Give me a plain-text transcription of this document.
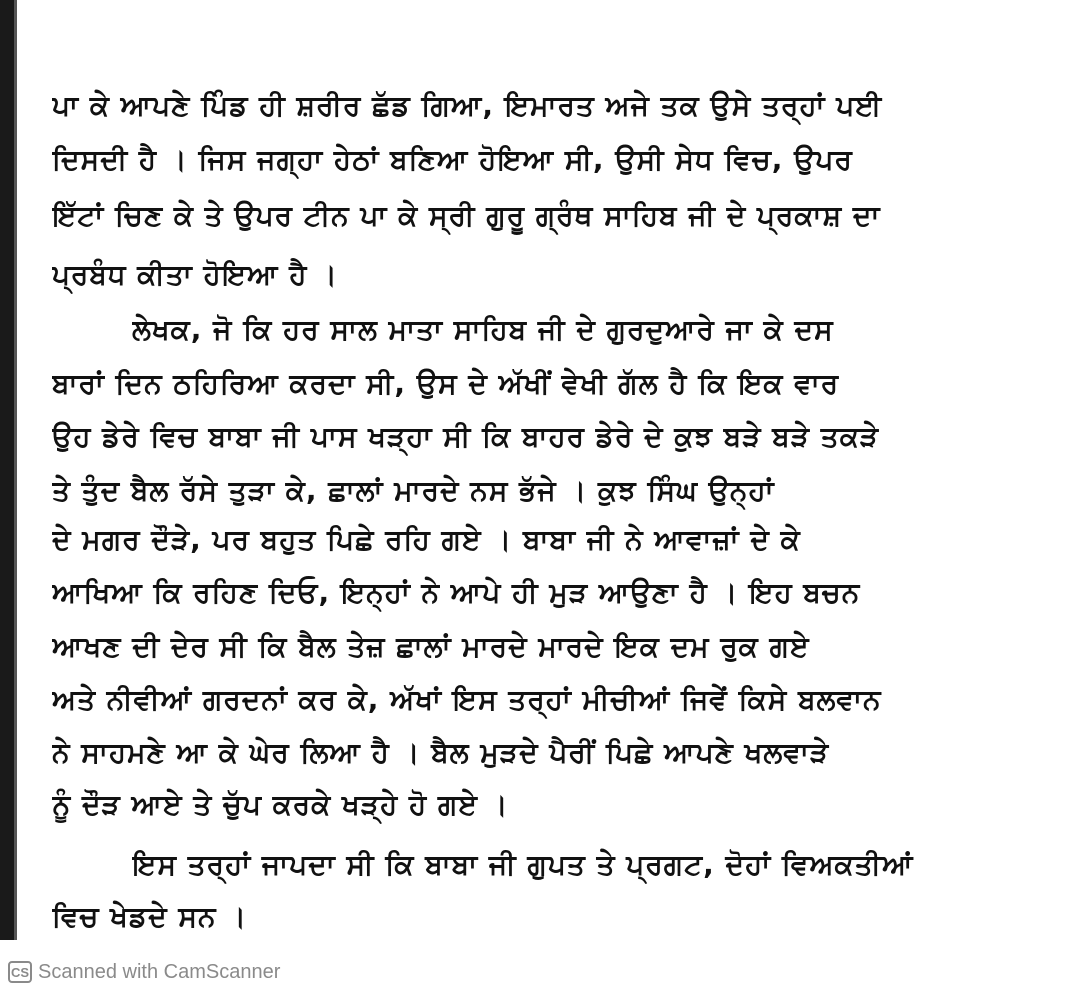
ਪਾ ਕੇ ਆਪਣੇ ਪਿੰਡ ਹੀ ਸ਼ਰੀਰ ਛੱਡ ਗਿਆ, ਇਮਾਰਤ ਅਜੇ ਤਕ ਉਸੇ ਤਰ੍ਹਾਂ ਪਈ
ਦਿਸਦੀ ਹੈ । ਜਿਸ ਜਗ੍ਹਾ ਹੇਠਾਂ ਬਣਿਆ ਹੋਇਆ ਸੀ, ਉਸੀ ਸੇਧ ਵਿਚ, ਉਪਰ
ਇੱਟਾਂ ਚਿਣ ਕੇ ਤੇ ਉਪਰ ਟੀਨ ਪਾ ਕੇ ਸ੍ਰੀ ਗੁਰੂ ਗ੍ਰੰਥ ਸਾਹਿਬ ਜੀ ਦੇ ਪ੍ਰਕਾਸ਼ ਦਾ
ਪ੍ਰਬੰਧ ਕੀਤਾ ਹੋਇਆ ਹੈ ।
ਲੇਖਕ, ਜੋ ਕਿ ਹਰ ਸਾਲ ਮਾਤਾ ਸਾਹਿਬ ਜੀ ਦੇ ਗੁਰਦੁਆਰੇ ਜਾ ਕੇ ਦਸ
ਬਾਰਾਂ ਦਿਨ ਠਹਿਰਿਆ ਕਰਦਾ ਸੀ, ਉਸ ਦੇ ਅੱਖੀਂ ਵੇਖੀ ਗੱਲ ਹੈ ਕਿ ਇਕ ਵਾਰ
ਉਹ ਡੇਰੇ ਵਿਚ ਬਾਬਾ ਜੀ ਪਾਸ ਖੜ੍ਹਾ ਸੀ ਕਿ ਬਾਹਰ ਡੇਰੇ ਦੇ ਕੁਝ ਬੜੇ ਬੜੇ ਤਕੜੇ
ਤੇ ਤੁੰਦ ਬੈਲ ਰੱਸੇ ਤੁੜਾ ਕੇ, ਛਾਲਾਂ ਮਾਰਦੇ ਨਸ ਭੱਜੇ । ਕੁਝ ਸਿੰਘ ਉਨ੍ਹਾਂ
ਦੇ ਮਗਰ ਦੌੜੇ, ਪਰ ਬਹੁਤ ਪਿਛੇ ਰਹਿ ਗਏ । ਬਾਬਾ ਜੀ ਨੇ ਆਵਾਜ਼ਾਂ ਦੇ ਕੇ
ਆਖਿਆ ਕਿ ਰਹਿਣ ਦਿਓ, ਇਨ੍ਹਾਂ ਨੇ ਆਪੇ ਹੀ ਮੁੜ ਆਉਣਾ ਹੈ । ਇਹ ਬਚਨ
ਆਖਣ ਦੀ ਦੇਰ ਸੀ ਕਿ ਬੈਲ ਤੇਜ਼ ਛਾਲਾਂ ਮਾਰਦੇ ਮਾਰਦੇ ਇਕ ਦਮ ਰੁਕ ਗਏ
ਅਤੇ ਨੀਵੀਆਂ ਗਰਦਨਾਂ ਕਰ ਕੇ, ਅੱਖਾਂ ਇਸ ਤਰ੍ਹਾਂ ਮੀਚੀਆਂ ਜਿਵੇਂ ਕਿਸੇ ਬਲਵਾਨ
ਨੇ ਸਾਹਮਣੇ ਆ ਕੇ ਘੇਰ ਲਿਆ ਹੈ । ਬੈਲ ਮੁੜਦੇ ਪੈਰੀਂ ਪਿਛੇ ਆਪਣੇ ਖਲਵਾੜੇ
ਨੂੰ ਦੌੜ ਆਏ ਤੇ ਚੁੱਪ ਕਰਕੇ ਖੜ੍ਹੇ ਹੋ ਗਏ ।
ਇਸ ਤਰ੍ਹਾਂ ਜਾਪਦਾ ਸੀ ਕਿ ਬਾਬਾ ਜੀ ਗੁਪਤ ਤੇ ਪ੍ਰਗਟ, ਦੋਹਾਂ ਵਿਅਕਤੀਆਂ
ਵਿਚ ਖੇਡਦੇ ਸਨ ।
CS Scanned with CamScanner
